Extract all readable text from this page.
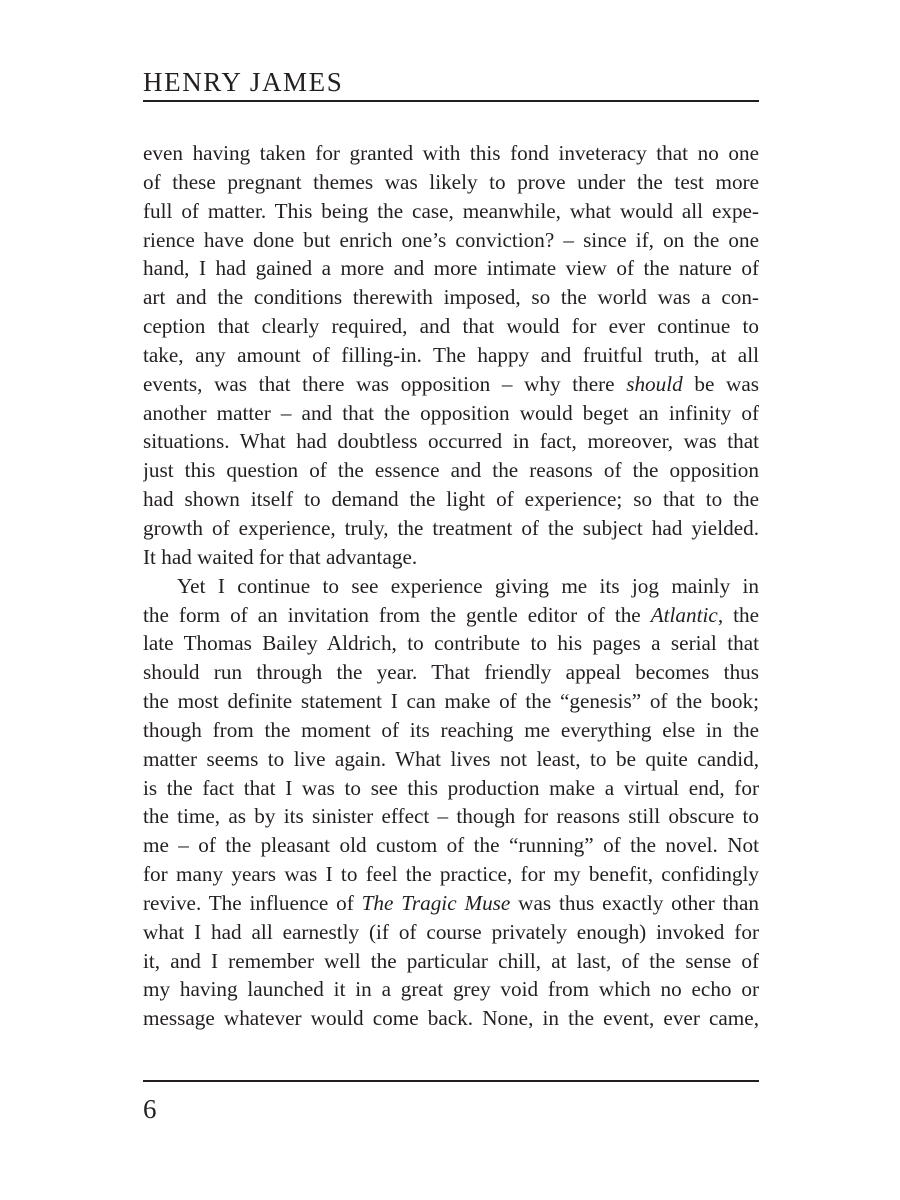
HENRY JAMES
even having taken for granted with this fond inveteracy that no one
of these pregnant themes was likely to prove under the test more
full of matter. This being the case, meanwhile, what would all expe-
rience have done but enrich one’s conviction? – since if, on the one
hand, I had gained a more and more intimate view of the nature of
art and the conditions therewith imposed, so the world was a con-
ception that clearly required, and that would for ever continue to
take, any amount of filling-in. The happy and fruitful truth, at all
events, was that there was opposition – why there should be was
another matter – and that the opposition would beget an infinity of
situations. What had doubtless occurred in fact, moreover, was that
just this question of the essence and the reasons of the opposition
had shown itself to demand the light of experience; so that to the
growth of experience, truly, the treatment of the subject had yielded.
It had waited for that advantage.
Yet I continue to see experience giving me its jog mainly in
the form of an invitation from the gentle editor of the Atlantic, the
late Thomas Bailey Aldrich, to contribute to his pages a serial that
should run through the year. That friendly appeal becomes thus
the most definite statement I can make of the “genesis” of the book;
though from the moment of its reaching me everything else in the
matter seems to live again. What lives not least, to be quite candid,
is the fact that I was to see this production make a virtual end, for
the time, as by its sinister effect – though for reasons still obscure to
me – of the pleasant old custom of the “running” of the novel. Not
for many years was I to feel the practice, for my benefit, confidingly
revive. The influence of The Tragic Muse was thus exactly other than
what I had all earnestly (if of course privately enough) invoked for
it, and I remember well the particular chill, at last, of the sense of
my having launched it in a great grey void from which no echo or
message whatever would come back. None, in the event, ever came,
6
